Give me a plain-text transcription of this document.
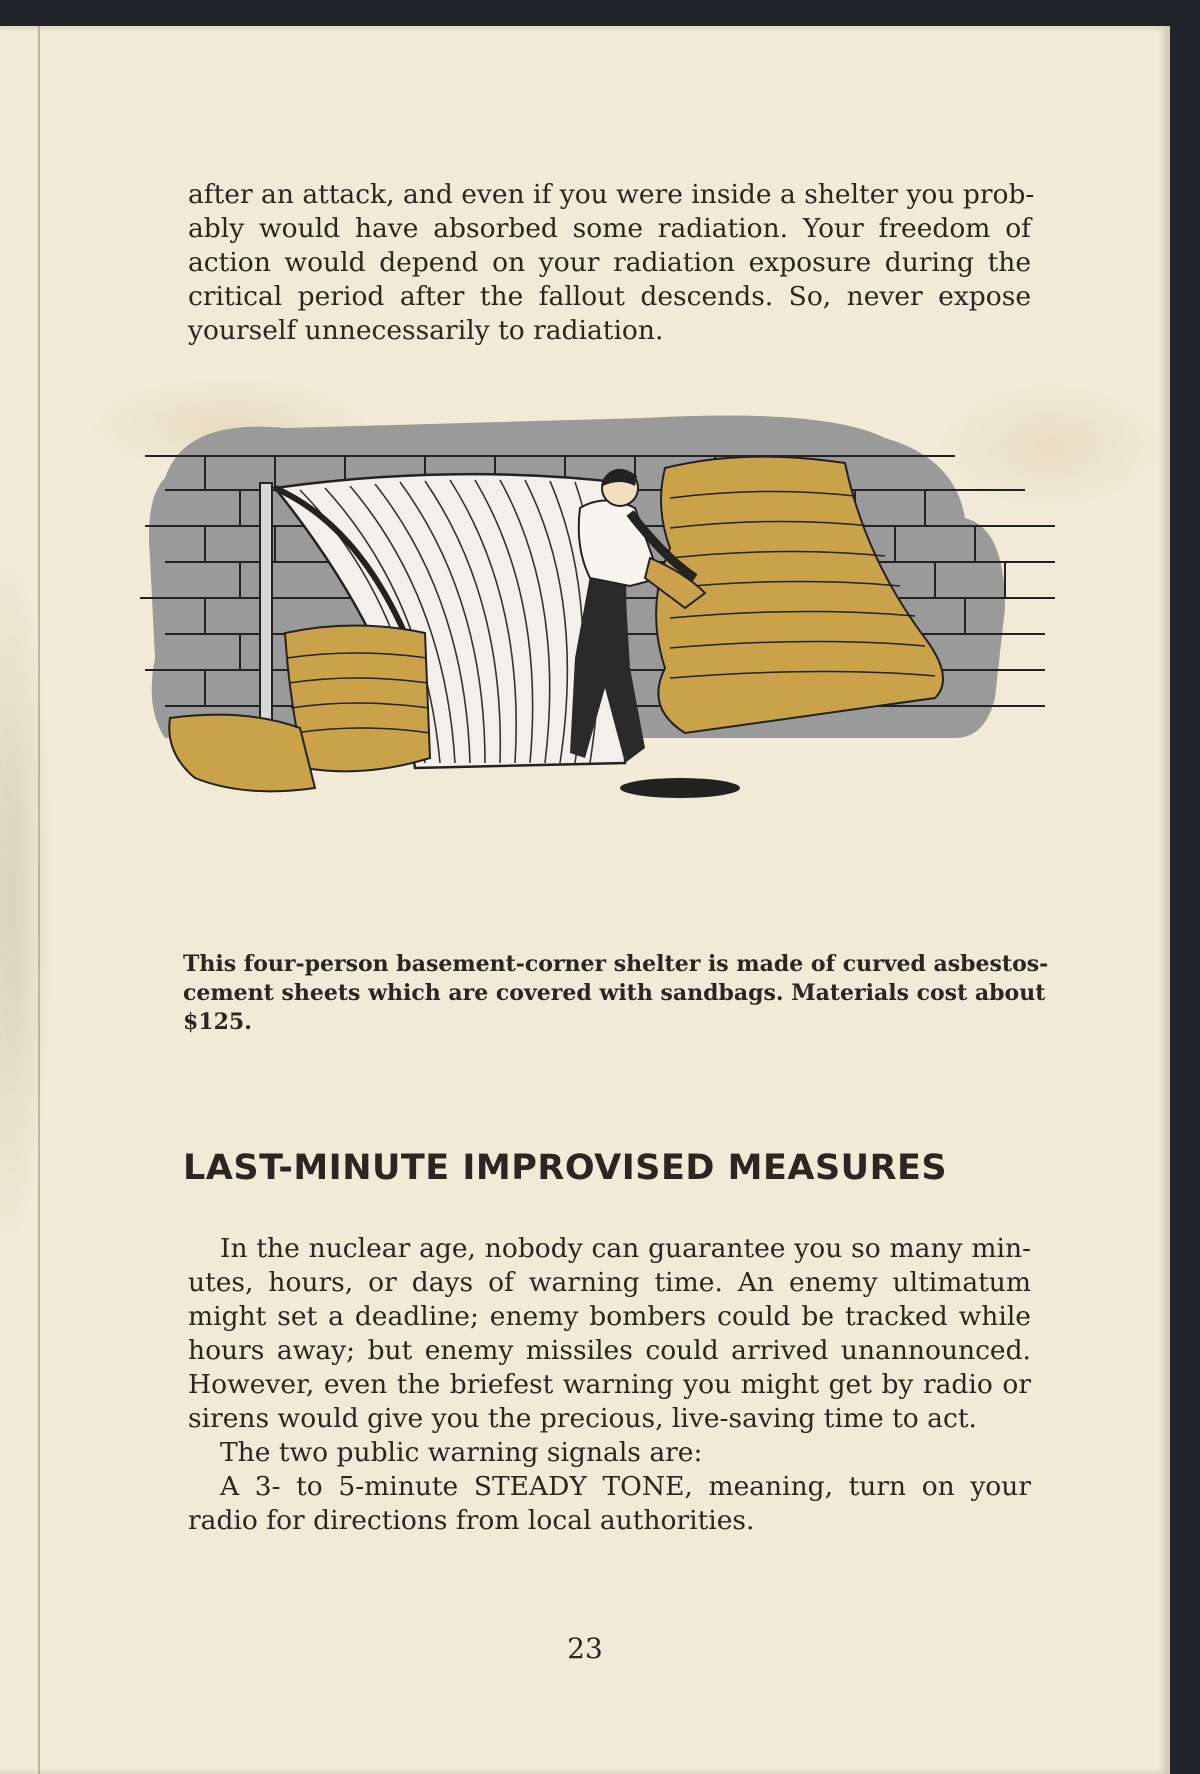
after an attack, and even if you were inside a shelter you prob-
ably would have absorbed some radiation. Your freedom of
action would depend on your radiation exposure during the
critical period after the fallout descends. So, never expose
yourself unnecessarily to radiation.
This four-person basement-corner shelter is made of curved asbestos-
cement sheets which are covered with sandbags. Materials cost about
$125.
LAST-MINUTE IMPROVISED MEASURES
In the nuclear age, nobody can guarantee you so many min-
utes, hours, or days of warning time. An enemy ultimatum
might set a deadline; enemy bombers could be tracked while
hours away; but enemy missiles could arrived unannounced.
However, even the briefest warning you might get by radio or
sirens would give you the precious, live-saving time to act.
The two public warning signals are:
A 3- to 5-minute STEADY TONE, meaning, turn on your
radio for directions from local authorities.
23
